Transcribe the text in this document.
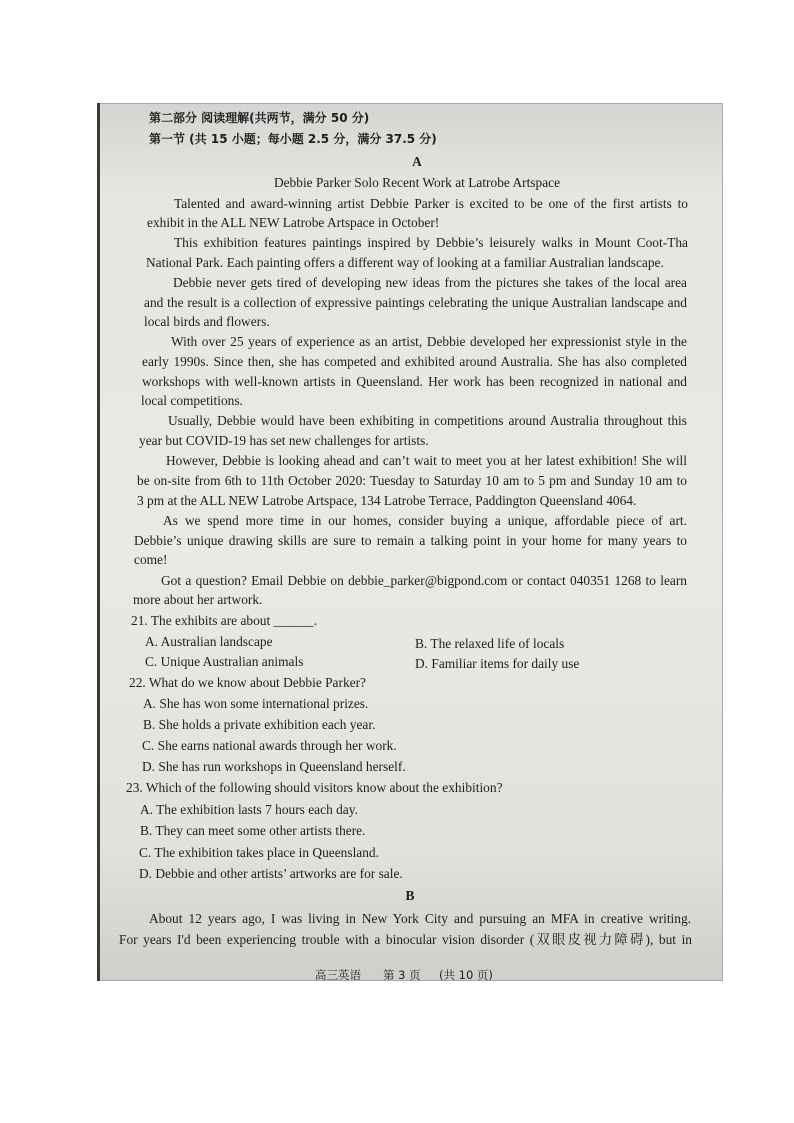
第二部分 阅读理解(共两节，满分 50 分)
第一节 (共 15 小题；每小题 2.5 分，满分 37.5 分)
A
Debbie Parker Solo Recent Work at Latrobe Artspace
Talented and award-winning artist Debbie Parker is excited to be one of the first artists to
exhibit in the ALL NEW Latrobe Artspace in October!
This exhibition features paintings inspired by Debbie’s leisurely walks in Mount Coot-Tha
National Park. Each painting offers a different way of looking at a familiar Australian landscape.
Debbie never gets tired of developing new ideas from the pictures she takes of the local area
and the result is a collection of expressive paintings celebrating the unique Australian landscape and
local birds and flowers.
With over 25 years of experience as an artist, Debbie developed her expressionist style in the
early 1990s. Since then, she has competed and exhibited around Australia. She has also completed
workshops with well-known artists in Queensland. Her work has been recognized in national and
local competitions.
Usually, Debbie would have been exhibiting in competitions around Australia throughout this
year but COVID-19 has set new challenges for artists.
However, Debbie is looking ahead and can’t wait to meet you at her latest exhibition! She will
be on-site from 6th to 11th October 2020: Tuesday to Saturday 10 am to 5 pm and Sunday 10 am to
3 pm at the ALL NEW Latrobe Artspace, 134 Latrobe Terrace, Paddington Queensland 4064.
As we spend more time in our homes, consider buying a unique, affordable piece of art.
Debbie’s unique drawing skills are sure to remain a talking point in your home for many years to
come!
Got a question? Email Debbie on debbie_parker@bigpond.com or contact 040351 1268 to learn
more about her artwork.
21. The exhibits are about ______.
A. Australian landscape	B. The relaxed life of locals
C. Unique Australian animals	D. Familiar items for daily use
22. What do we know about Debbie Parker?
A. She has won some international prizes.
B. She holds a private exhibition each year.
C. She earns national awards through her work.
D. She has run workshops in Queensland herself.
23. Which of the following should visitors know about the exhibition?
A. The exhibition lasts 7 hours each day.
B. They can meet some other artists there.
C. The exhibition takes place in Queensland.
D. Debbie and other artists’ artworks are for sale.
B
About 12 years ago, I was living in New York City and pursuing an MFA in creative writing.
For years I'd been experiencing trouble with a binocular vision disorder (双眼皮视力障碍), but in
高三英语 第 3 页 (共 10 页)
